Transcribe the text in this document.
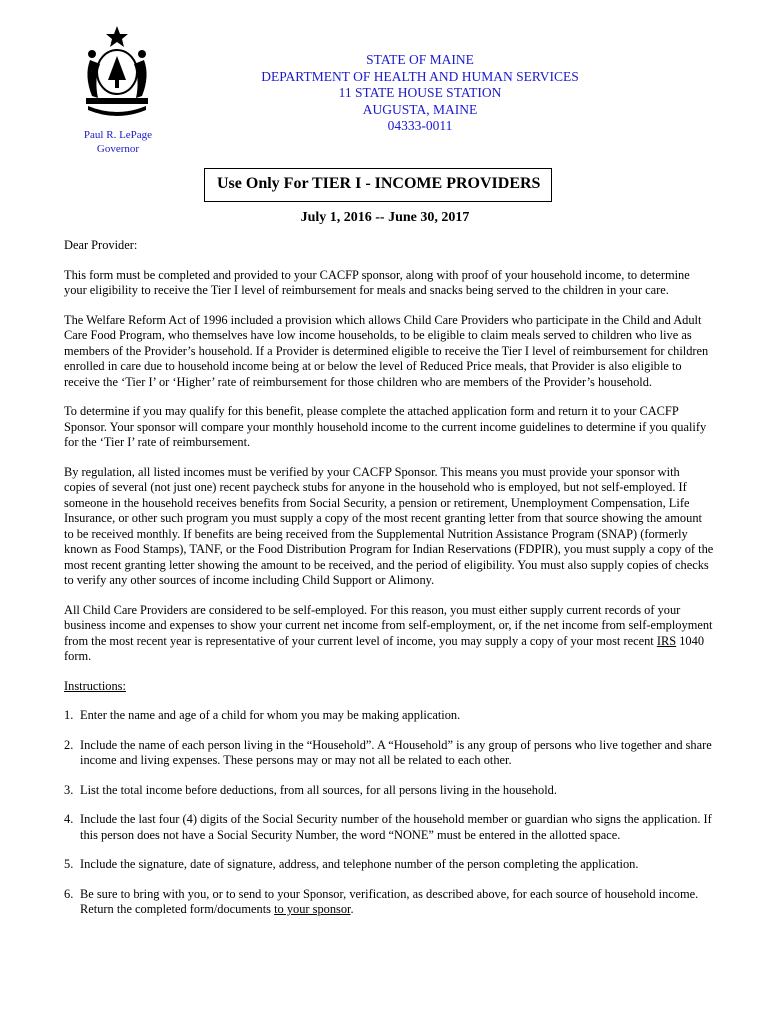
Paul R. LePage
Governor
STATE OF MAINE
DEPARTMENT OF HEALTH AND HUMAN SERVICES
11 STATE HOUSE STATION
AUGUSTA, MAINE
04333-0011
Use Only For TIER I - INCOME PROVIDERS
July 1, 2016 -- June 30, 2017

Dear Provider:

This form must be completed and provided to your CACFP sponsor, along with proof of your household income, to determine your eligibility to receive the Tier I level of reimbursement for meals and snacks being served to the children in your care.

The Welfare Reform Act of 1996 included a provision which allows Child Care Providers who participate in the Child and Adult Care Food Program, who themselves have low income households, to be eligible to claim meals served to children who live as members of the Provider’s household. If a Provider is determined eligible to receive the Tier I level of reimbursement for children enrolled in care due to household income being at or below the level of Reduced Price meals, that Provider is also eligible to receive the ‘Tier I’ or ‘Higher’ rate of reimbursement for those children who are members of the Provider’s household.

To determine if you may qualify for this benefit, please complete the attached application form and return it to your CACFP Sponsor. Your sponsor will compare your monthly household income to the current income guidelines to determine if you qualify for the ‘Tier I’ rate of reimbursement.

By regulation, all listed incomes must be verified by your CACFP Sponsor. This means you must provide your sponsor with copies of several (not just one) recent paycheck stubs for anyone in the household who is employed, but not self-employed. If someone in the household receives benefits from Social Security, a pension or retirement, Unemployment Compensation, Life Insurance, or other such program you must supply a copy of the most recent granting letter from that source showing the amount to be received monthly. If benefits are being received from the Supplemental Nutrition Assistance Program (SNAP) (formerly known as Food Stamps), TANF, or the Food Distribution Program for Indian Reservations (FDPIR), you must supply a copy of the most recent granting letter showing the amount to be received, and the period of eligibility. You must also supply copies of checks to verify any other sources of income including Child Support or Alimony.

All Child Care Providers are considered to be self-employed. For this reason, you must either supply current records of your business income and expenses to show your current net income from self-employment, or, if the net income from self-employment from the most recent year is representative of your current level of income, you may supply a copy of your most recent IRS 1040 form.

Instructions:

1. Enter the name and age of a child for whom you may be making application.
2. Include the name of each person living in the “Household”. A “Household” is any group of persons who live together and share income and living expenses. These persons may or may not all be related to each other.
3. List the total income before deductions, from all sources, for all persons living in the household.
4. Include the last four (4) digits of the Social Security number of the household member or guardian who signs the application. If this person does not have a Social Security Number, the word “NONE” must be entered in the allotted space.
5. Include the signature, date of signature, address, and telephone number of the person completing the application.
6. Be sure to bring with you, or to send to your Sponsor, verification, as described above, for each source of household income. Return the completed form/documents to your sponsor.
